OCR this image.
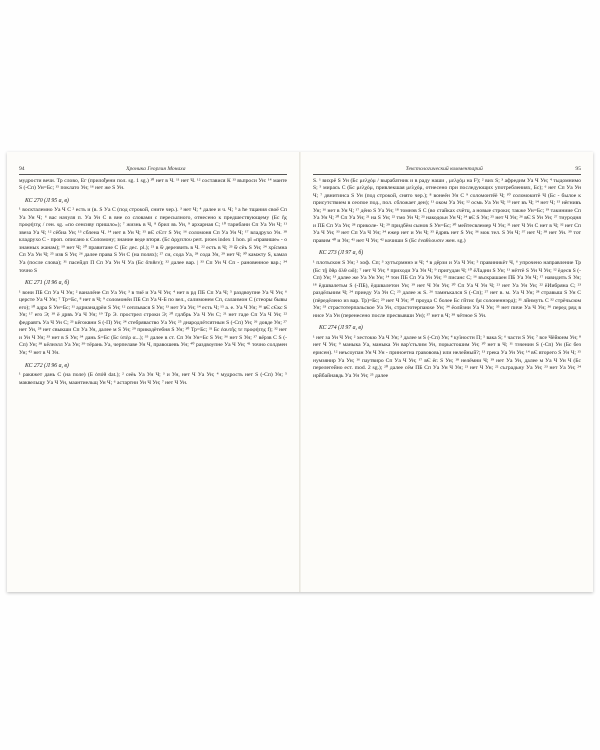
94	Хроника Георгия Монаха

мудрости вечи. Тр слово, Ег (прилођени пол. sg. 1 sg.) ¹⁰ нет в Ч. ¹¹ нет Ч. ¹² составися К ¹³ въпроси Ун: ¹⁴ манте S (-Сп) Ун=Бс; ¹⁵ поклато Ун; ¹⁶ нет же S Ун.

КС 270 (Л 95 а, в)

¹ воскталемно Уа Ч С ² есть и (в. S Уа С (под строкой, сните чер.). ³ нет Ч; ⁴ далее и ч. Ч; ⁵ а ће тщания своё Сп Уа Ун Ч; ⁶ вас начуля п. Уа Ун С в вне со словами с пересылного, отнесено к предшествующему (Бс ῆς προφήτης / ген. sg. «по сенсиву пришло»); ⁷ жизнь в Ч, ⁸ брил въ Ун, ⁹ архарная С; ¹⁰ тарибани Сп Уа Ун Ч; ¹¹ звеза Уа Ч; ¹² сёбиа Ун; ¹³ сблена Ч. ¹⁴ нет в Ун Ч; ¹⁵ вЄ сЄгг S Ун; ¹⁶ соломоня Сп Уа Ун Ч; ¹⁷ владрухо Ун. ¹⁸ кладрухо С - проп. описано к Соломону; знание веде вторя. (Бс ἀρχειπου pert. proes index 1 hon. pl «правише» - о знанных жанам); ¹⁹ нет Ч; ²⁰ правитане С (Бс дес. pl.); ²¹ в ѿ дерезвить в Ч. ²² есть в Ч; ²³ ѿ сёъ S Ун; ²⁴ хрїсмна Сп Уа Ун Ч; ²⁵ изв S Ун; ²⁶ далее права S Ун С (на полях); ²⁷ си, сода Уа, ²⁸ сода Ун, ²⁹ нет Ч; ³⁰ камжту S, камаз Уа (после слова); ³¹ пасейдп П Сп Уа Ун Ч Уа (Бс ὅπιθεν); ³² далее вар. | ³³ Сп Ун Ч Сп - рановенное вар.; ³⁴ точно S

КС 271 (Л 96 а, б)

¹ вони ПБ Сп Уа Ч Ун; ² ваналёне Сп Уа Ун; ³ в тиё и Уа Ч Ун; ⁴ нет в рд ПБ Сп Уа Ч; ⁵ раздвоупне Уа Ч Ун; ⁶ церсте Уа Ч Ун; ⁷ Тр=Бс, ⁸ нет в Ч; ⁹ соломонёи ПБ Сп Уа Ч-Б по вел., салимонем Сп, салаимон С (стеоры бывы его); ¹⁰ адра S Ун=Бс; ¹¹ адрианадрёи S Ун; ¹² сепльвася S Ун; ¹³ нет Уа Ун; ¹⁴ есть Ч; ¹⁵ а. е. Уа Ч Ун; ¹⁶ вЄ сЄкс S Ун; ¹⁷ его Э; ¹⁸ ё дрвъ Уа Ч Ун; ¹⁹ Тр Э. прострел строки Э; ²⁰ гдлбрь Уа Ч Ун С; ²¹ нет гаде Сп Уа Ч Ун; ²² федравтъ Уа Ч Ун С; ²³ кёгоквни S (-П) Ун; ²⁴ стебряваство Уа Ун; ²⁵ днародлётсятнын S (-Сп) Ун; ²⁶ довде Ун; ²⁷ нет Ун, ²⁸ нет свыкши Сп Уа Ун, далее м S Ун; ²⁹ прикодётебня S Ун; ³⁰ Тр=Бс; ³¹ Бс ἐαυτῆς τε προφήτης f); ³² нет и Ун Ч Ун; ³³ нет в S Ун; ³⁴ дань S=Бс (Бс ὑπὲρ α...); ³⁵ далее в ст. Сп Ун Ун=Бс S Ун; ³⁶ нет S Ун; ³⁷ вёрзв С S (-Сп) Ун; ³⁸ кёлнэлл Уа Ун; ³⁹ тёрань Уа, черпелаве Ун Ч, правошевъ Ун; ⁴⁰ раздвоупне Уа Ч Ун; ⁴¹ точно солдмен Ун; ⁴² нет в Ч Ун.

КС 272 (Л 96 а, в)

¹ ракяжет дань С (на поле) (Б ὁπόθ dat.); ² сеёь Уа Ун Ч; ³ и Ун, нет Ч Уа Ун; ⁴ мудрость нет S (-Сп) Ун; ⁵ маквельщу Уа Ч Ун, маантиельщ Ун Ч; ⁶ астартни Ун Ч Ун; ⁷ нет Ч Ун.

Текстологический комментарий	95

S. ¹ вихрё S Ун (Бс μελχόμ / вырабатник и в раду наши , μελχόμ на F); ² вих S; ³ афредим Уа Ч Ун; ⁴ тыдомнимо S; ⁵ мирась С (Бс μελχόμ, привлекшая μελχόμ, отнесено при последующих употреблениях, Бс); ⁶ нет Сп Уа Ун Ч; ⁷ двнитинса S Ун (под строкой, снято чер.); ⁸ вонеён Ун С ⁹ соломонтёё Ч; ¹⁰ соломокитё Ч (Бс - былое к присутствием в сеопое под., пол. сбложает ден); ¹¹ оком Уа Ун; ¹² осмь Уа Ун Ч; ¹³ нет въ Ч; ¹⁴ нет Ч; ¹⁵ нёгнивъ Ун; ¹⁶ нет в Ун Ч; ¹⁷ дёно S Уа Ун; ¹⁸ томнэв S С (во стайках счётц, а новые строки; также Ун=Бс; ¹⁹ такиниие Сп Уа Ун Ч; ²⁰ Сп Уа Ун; ²¹ на S Ун; ²² тмо Ун Ч; ²³ накодоьн Ун Ч; ²⁴ вЄ S Ун; ²⁵ нет Ч Ун; ²⁶ вЄ S Ун Ун; ²⁷ тиуродня и ПБ Сп Уа Ун; ²⁸ приколе- Ч; ²⁹ придбём сынов S Ун=Бс; ³⁰ мейтесвлемер Ч Ун; ³¹ нет Ч Ун С нет в Ч; ³² нет Сп Уа Ч Ун; ³³ нет Сп Уа Ч Ун; ³⁴ ежер нет и Ун Ч; ³⁵ ёдрвъ нет S Ун; ³⁶ мок тел. S Ун Ч; ³⁷ нет Ч; ³⁸ нет Ун. ³⁹ тот правим ⁴⁰ и Ун; ⁴¹ нет Ч Ун; ⁴² кочиши S (Бс ἐναθλουσιν жен. sg.)

КС 273 (Л 97 а, б)

¹ плотьскон S Ун; ² хоф. Сп; ³ хутъсрмннэ и Ч; ⁴ в дёрзи и Уа Ч Ун; ⁵ правиникёт Ч, ⁶ упрочено направление Тр (Бс τῇ ὅθρ ὄλθ ωδ); ⁷ нет Ч Ун; ⁸ приходи Уа Ун Ч; ⁹ пригудан Ч; ¹⁰ ёЛадни S Ун; ¹¹ нёттё S Ун Ч Ун; ¹² ёдесв S (-Сп) Ун; ¹³ далее же Уа Ун Ун; ¹⁴ тон ПБ Сп Уа Ун Ун; ¹⁵ писанс С; ¹⁶ въскрашаен ПБ Уа Ун Ч; ¹⁷ навидить S Ун; ¹⁸ ёдшвалетьм S (-ПБ), ёдшвалетон Ун; ¹⁹ нет Ч Ун Ун; ²⁰ Сп Уа Ч Ун Ч; ²¹ нет Уа Ун Ун; ²² ёИибряна С; ²³ раздёльиим Ч; ²⁴ приеду Уа Ун С; ²⁵ далее ж S. ²⁶ тамнъкался S (-Сп); ²⁷ нет в. м. Уа Ч Ун; ²⁸ стравыш S Ун С (пёредёлено из вар. Тр)=Бс; ²⁹ нет Ч Ун; ³⁰ проуда С более Бс гйтис ῆα солоненнэрд); ³¹ лйнмуть С ³² стрёчьсюм Ун; ³³ страстотерпальское Уа Ун, страстотерпаюхе Ун; ³⁴ ёолйзни Уа Ч Ун; ³⁵ нет пиче Уа Ч Ун; ³⁶ перед ряд в нисе Уа Ун (перенесено после пресвывши Ун); ³⁷ нет в Ч; ³⁸ чётное S Ун.

КС 274 (Л 97 а, в)

¹ нет за Ун Ч Ун; ² хестокю Уа Ч Ун; ³ далее м S (-Сп) Ун; ⁴ куїностн П; ⁵ вака S; ⁶ части S Ун; ⁷ все Чёйюнм Ун; ⁸ нет Ч Ун; ⁹ маныка Уа, маныка Ун вар'стьлим Ун, порыстошим Ун; ¹⁰ нет в Ч; ¹¹ тзченин S (-Сп) Ун (Бс без ерисен). ¹² неъсоупан Ун Ч Ун - приноетна гравововь) или нелейный?; ¹³ грека Уа Ун Ун; ¹⁴ вЄ вторего S Ун Ч; ¹⁵ нумзянир Уа Ун; ¹⁶ паутвиро Сп Уа Ч Ун; ¹⁷ вЄ ёг. S Ун; ¹⁸ нелёмни Ч; ¹⁹ нет Уа Ун, далее м Уа Ч Ун Ч (Бс перелегейно ест. mod. 2 sg.); ²⁰ далее сём ПБ Сп Уа Ун Ч Ун; ²¹ нет Ч Ун; ²² съградьну Уа Ун; ²³ нет Уа Ун; ²⁴ ирйбайнавдь Уа Ун Ун; ²⁵ далее
